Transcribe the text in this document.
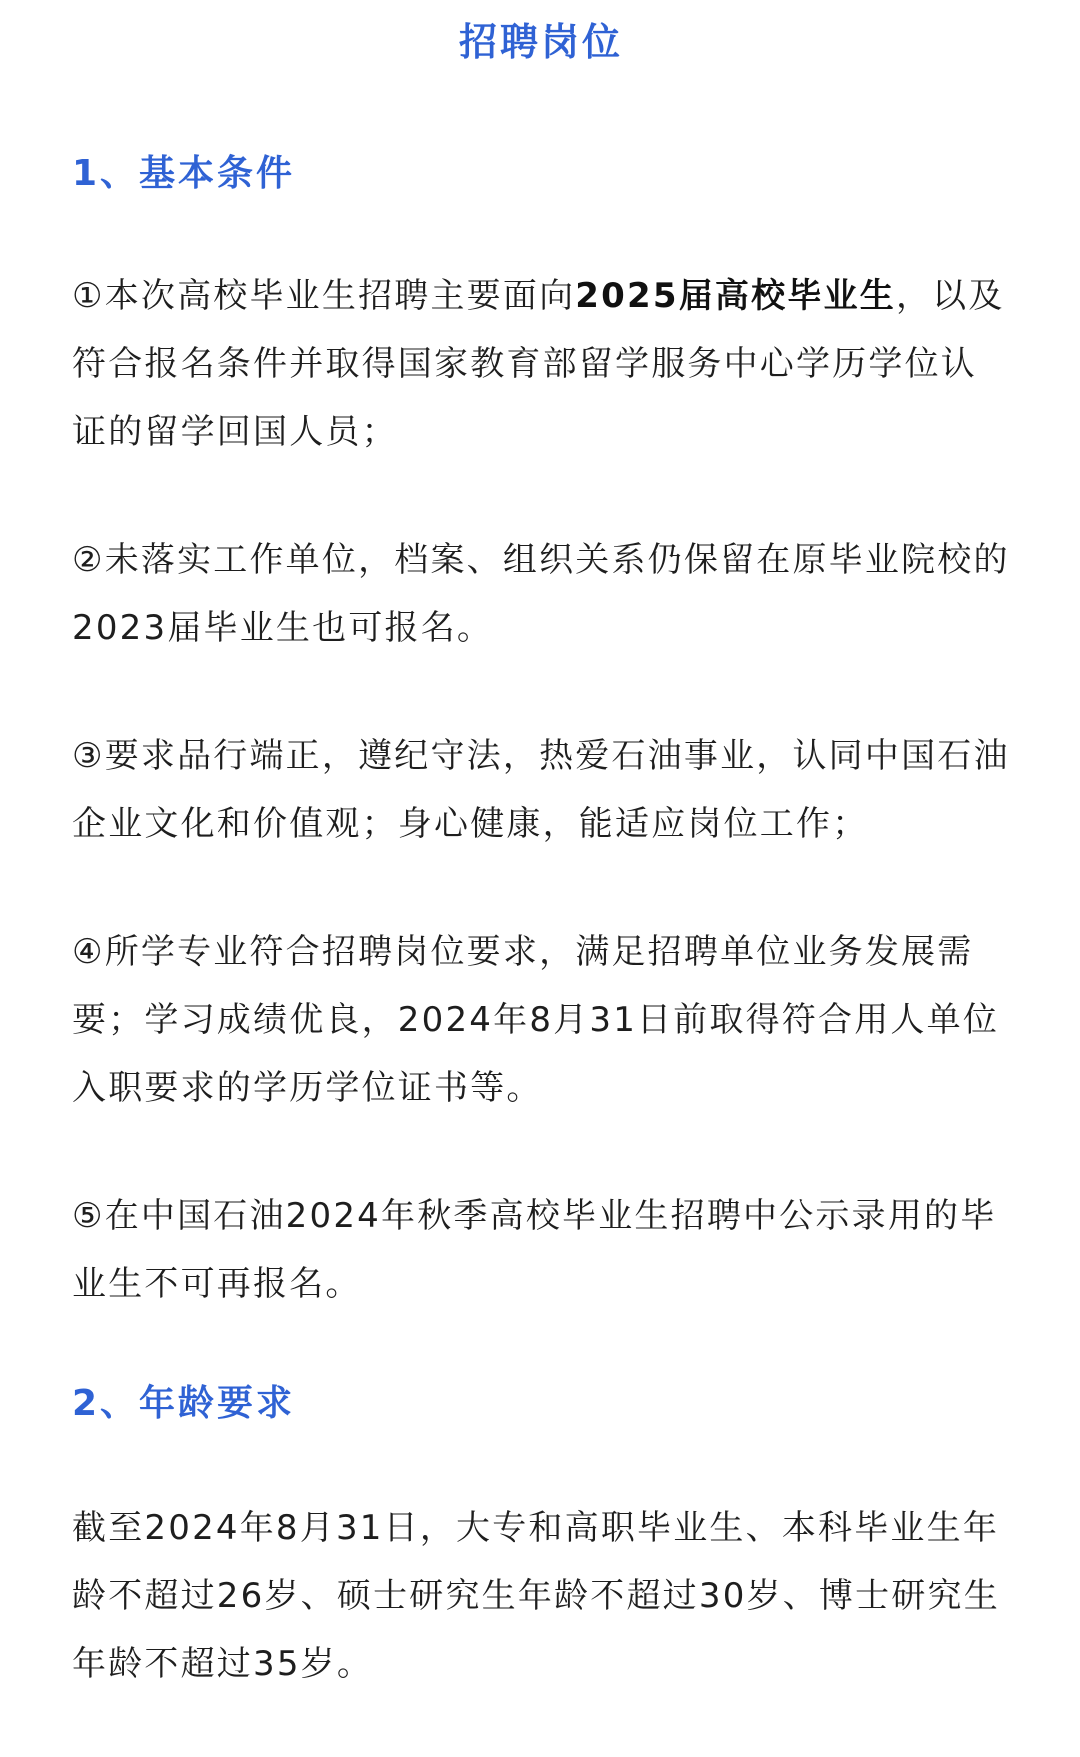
招聘岗位
1、基本条件

①本次高校毕业生招聘主要面向2025届高校毕业生，以及符合报名条件并取得国家教育部留学服务中心学历学位认证的留学回国人员；

②未落实工作单位，档案、组织关系仍保留在原毕业院校的2023届毕业生也可报名。

③要求品行端正，遵纪守法，热爱石油事业，认同中国石油企业文化和价值观；身心健康，能适应岗位工作；

④所学专业符合招聘岗位要求，满足招聘单位业务发展需要；学习成绩优良，2024年8月31日前取得符合用人单位入职要求的学历学位证书等。

⑤在中国石油2024年秋季高校毕业生招聘中公示录用的毕业生不可再报名。

2、年龄要求

截至2024年8月31日，大专和高职毕业生、本科毕业生年龄不超过26岁、硕士研究生年龄不超过30岁、博士研究生年龄不超过35岁。
